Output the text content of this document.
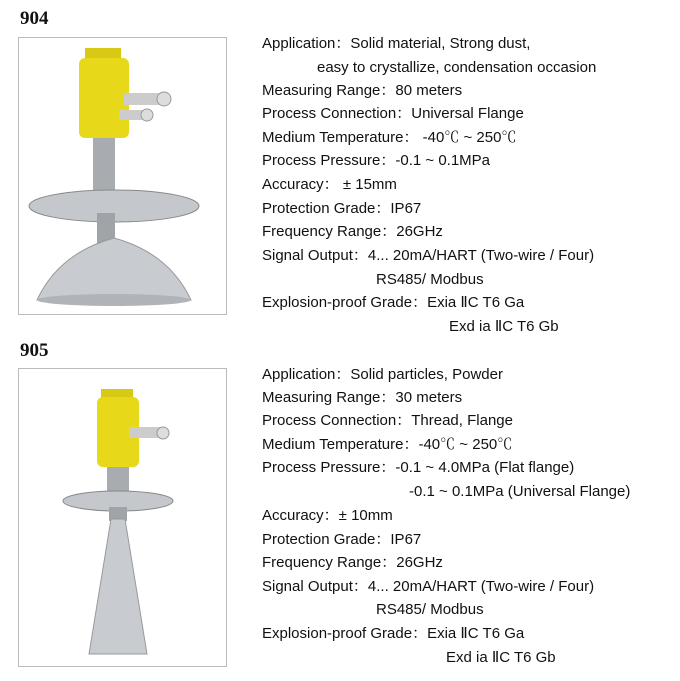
904
905
Application：Solid material, Strong dust,
easy to crystallize, condensation occasion
Measuring Range：80 meters
Process Connection：Universal Flange
Medium Temperature： -40℃ ~ 250℃
Process Pressure：-0.1 ~ 0.1MPa
Accuracy： ± 15mm
Protection Grade：IP67
Frequency Range：26GHz
Signal Output：4... 20mA/HART (Two-wire / Four)
RS485/ Modbus
Explosion-proof Grade：Exia ⅡC T6 Ga
Exd ia ⅡC T6 Gb
Application：Solid particles, Powder
Measuring Range：30 meters
Process Connection：Thread, Flange
Medium Temperature：-40℃ ~ 250℃
Process Pressure：-0.1 ~ 4.0MPa (Flat flange)
-0.1 ~ 0.1MPa (Universal Flange)
Accuracy：± 10mm
Protection Grade：IP67
Frequency Range：26GHz
Signal Output：4... 20mA/HART (Two-wire / Four)
RS485/ Modbus
Explosion-proof Grade：Exia ⅡC T6 Ga
Exd ia ⅡC T6 Gb
